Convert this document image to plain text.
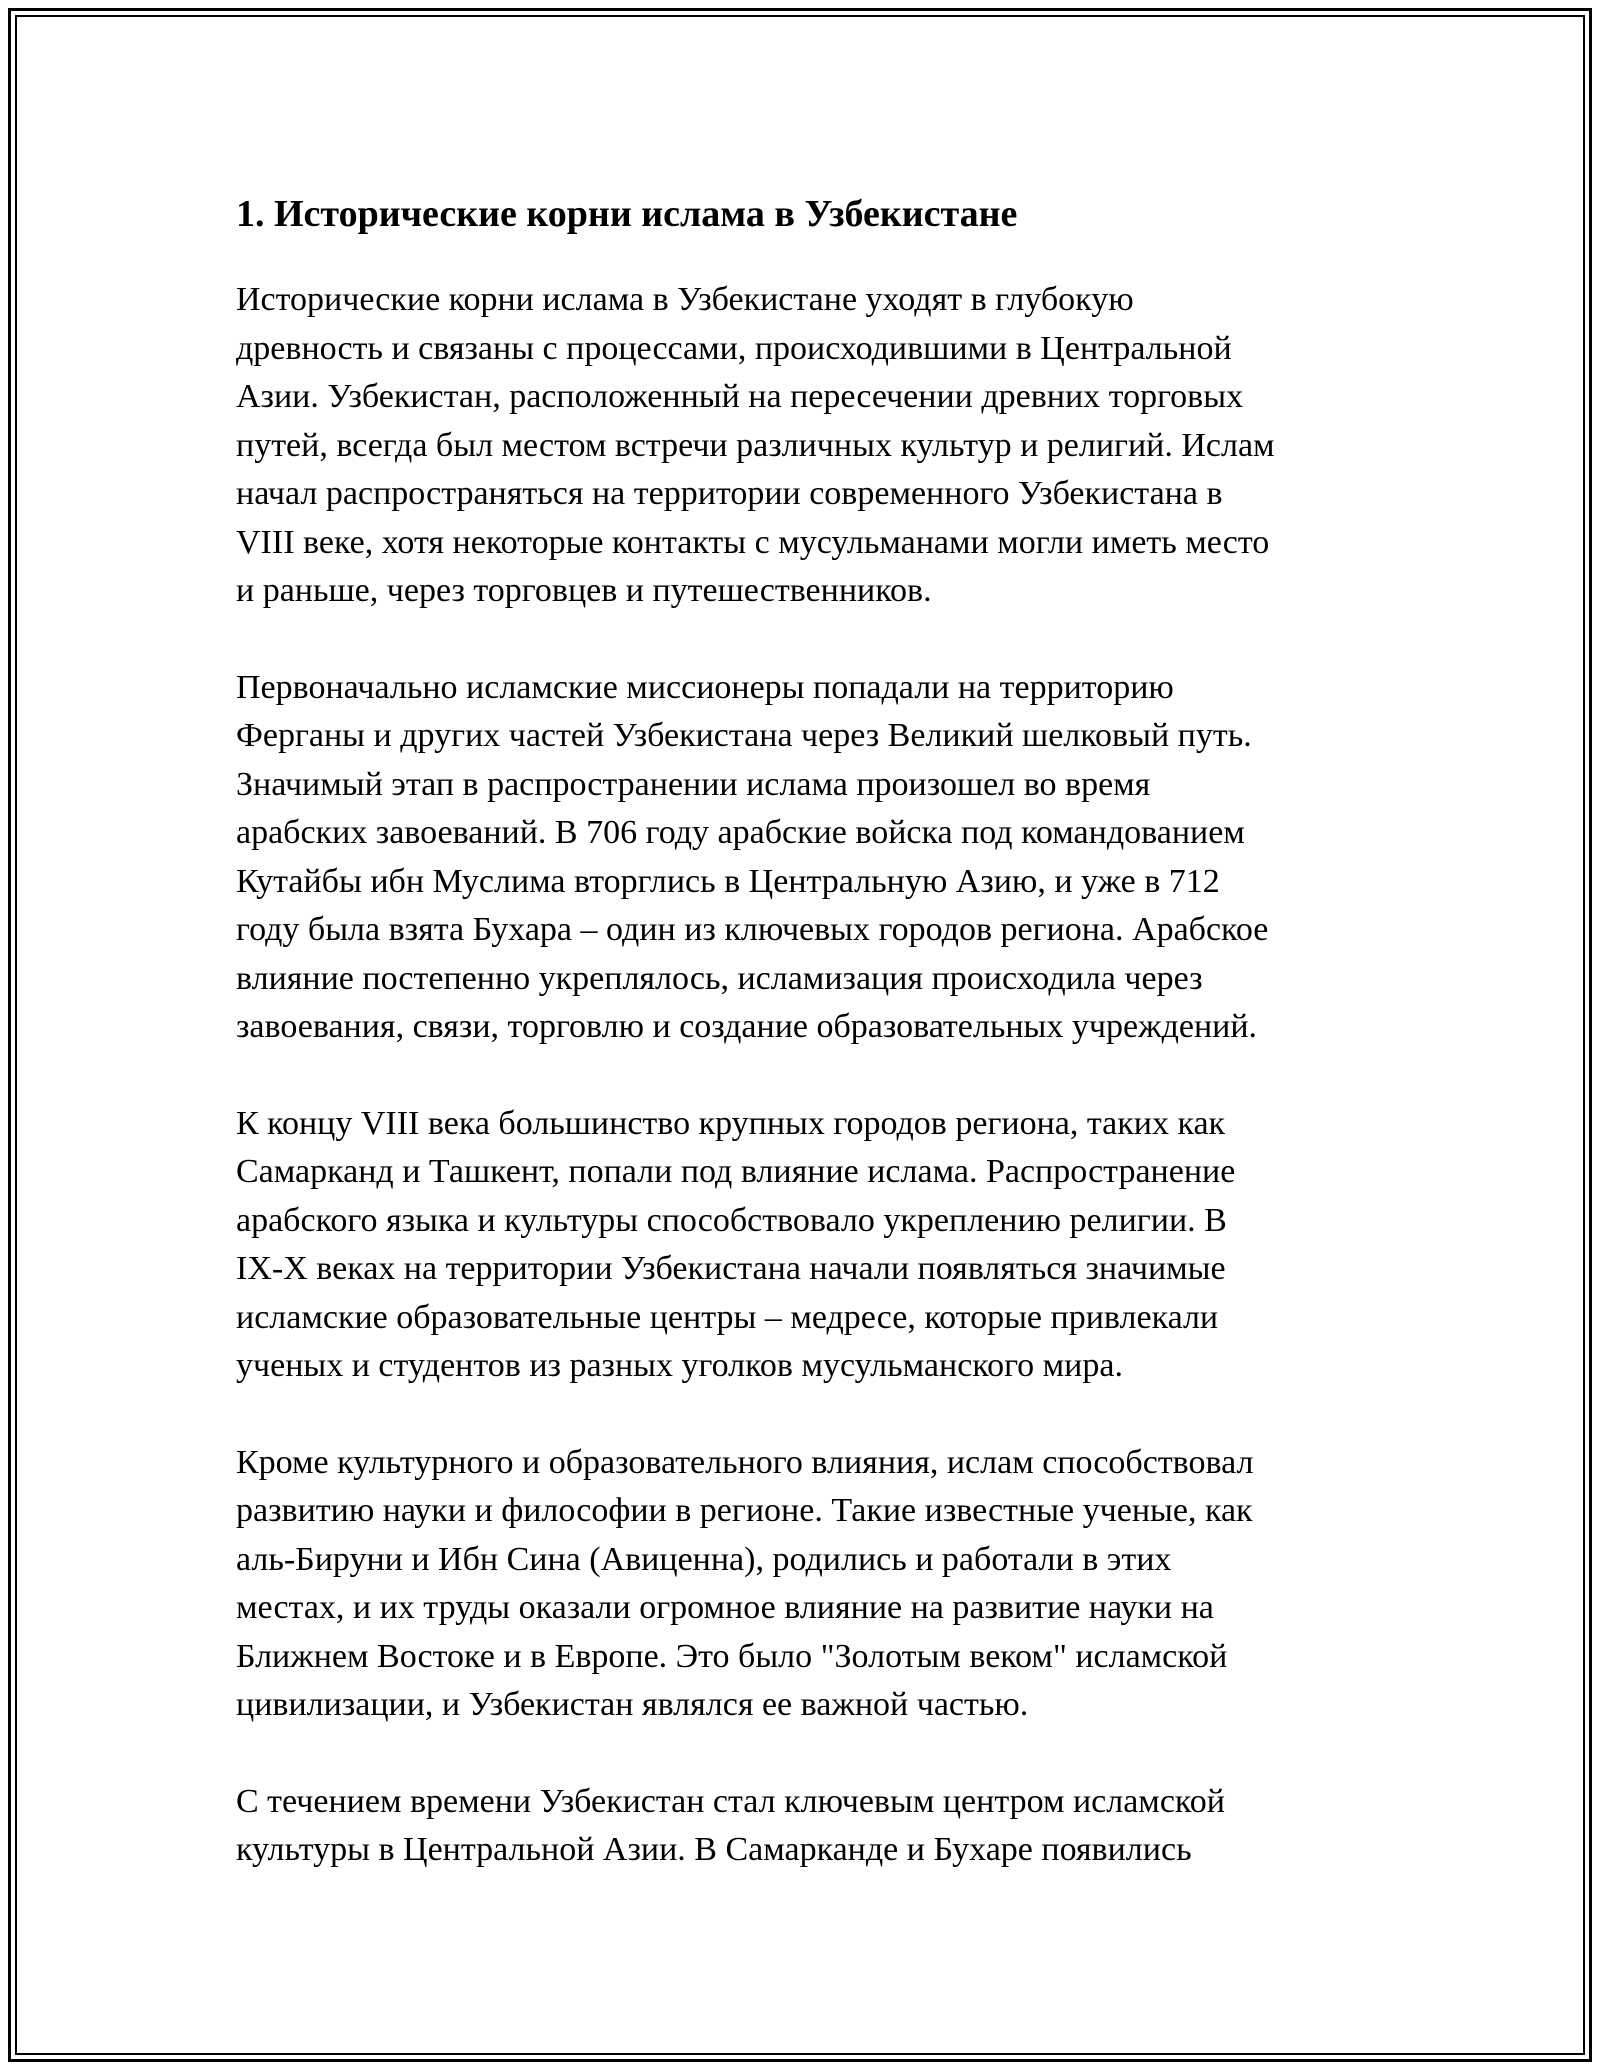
1. Исторические корни ислама в Узбекистане

Исторические корни ислама в Узбекистане уходят в глубокую
древность и связаны с процессами, происходившими в Центральной
Азии. Узбекистан, расположенный на пересечении древних торговых
путей, всегда был местом встречи различных культур и религий. Ислам
начал распространяться на территории современного Узбекистана в
VIII веке, хотя некоторые контакты с мусульманами могли иметь место
и раньше, через торговцев и путешественников.

Первоначально исламские миссионеры попадали на территорию
Ферганы и других частей Узбекистана через Великий шелковый путь.
Значимый этап в распространении ислама произошел во время
арабских завоеваний. В 706 году арабские войска под командованием
Кутайбы ибн Муслима вторглись в Центральную Азию, и уже в 712
году была взята Бухара – один из ключевых городов региона. Арабское
влияние постепенно укреплялось, исламизация происходила через
завоевания, связи, торговлю и создание образовательных учреждений.

К концу VIII века большинство крупных городов региона, таких как
Самарканд и Ташкент, попали под влияние ислама. Распространение
арабского языка и культуры способствовало укреплению религии. В
IX-X веках на территории Узбекистана начали появляться значимые
исламские образовательные центры – медресе, которые привлекали
ученых и студентов из разных уголков мусульманского мира.

Кроме культурного и образовательного влияния, ислам способствовал
развитию науки и философии в регионе. Такие известные ученые, как
аль-Бируни и Ибн Сина (Авиценна), родились и работали в этих
местах, и их труды оказали огромное влияние на развитие науки на
Ближнем Востоке и в Европе. Это было "Золотым веком" исламской
цивилизации, и Узбекистан являлся ее важной частью.

С течением времени Узбекистан стал ключевым центром исламской
культуры в Центральной Азии. В Самарканде и Бухаре появились
